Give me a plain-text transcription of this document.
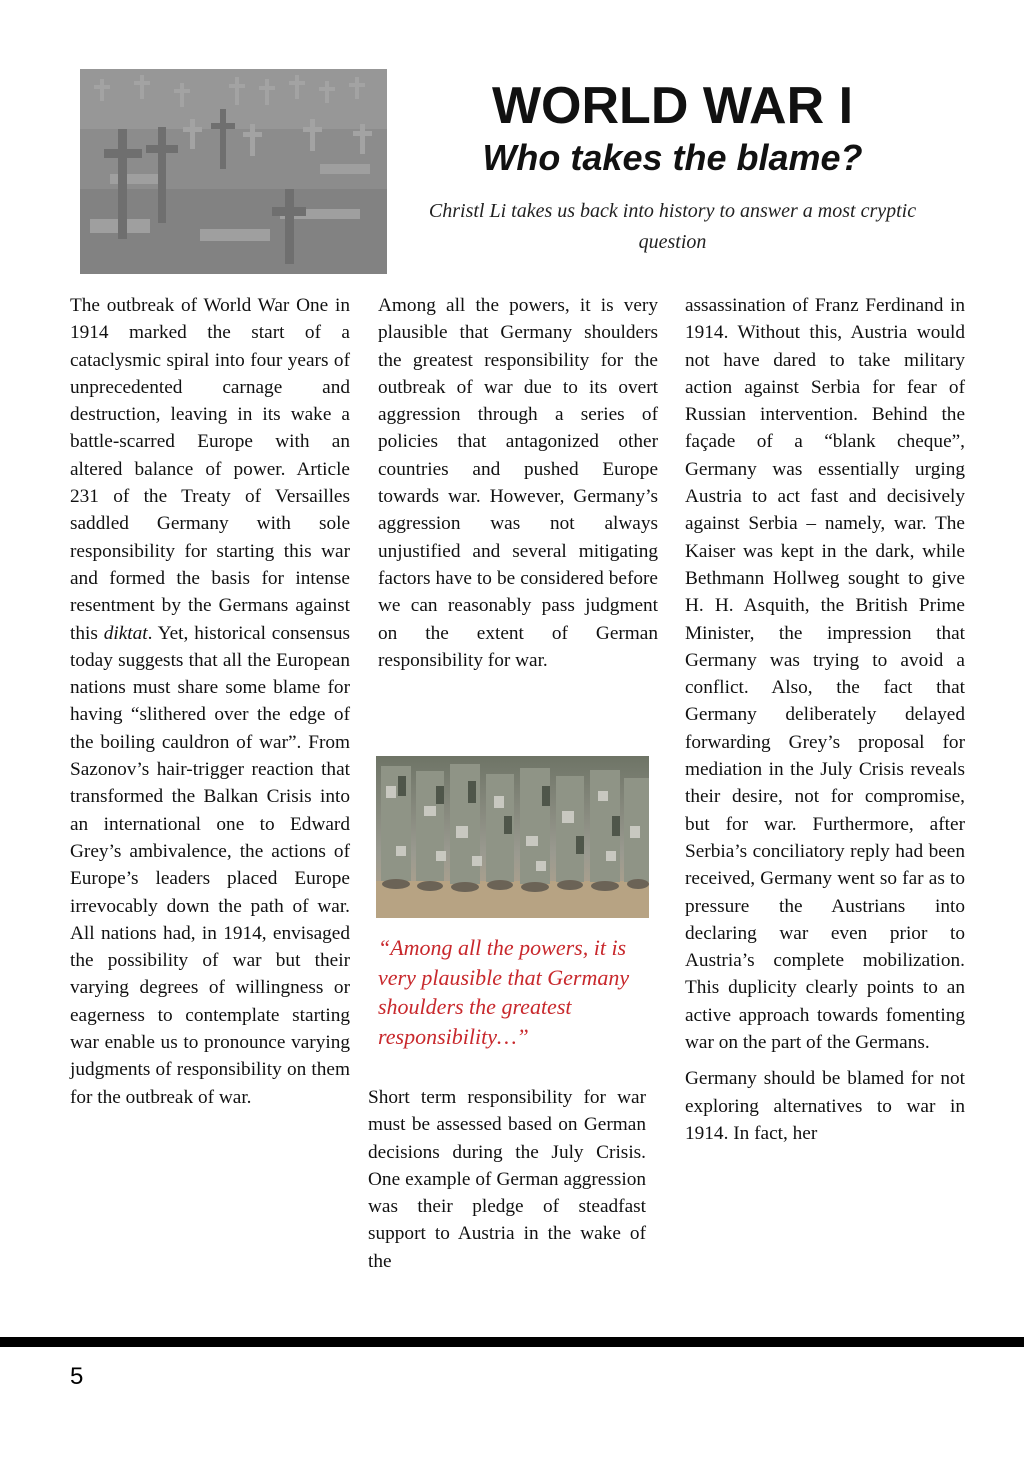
WORLD WAR I
Who takes the blame?

Christl Li takes us back into history to answer a most cryptic question

The outbreak of World War One in 1914 marked the start of a cataclysmic spiral into four years of unprecedented carnage and destruction, leaving in its wake a battle-scarred Europe with an altered balance of power. Article 231 of the Treaty of Versailles saddled Germany with sole responsibility for starting this war and formed the basis for intense resentment by the Germans against this diktat. Yet, historical consensus today suggests that all the European nations must share some blame for having “slithered over the edge of the boiling cauldron of war”. From Sazonov’s hair-trigger reaction that transformed the Balkan Crisis into an international one to Edward Grey’s ambivalence, the actions of Europe’s leaders placed Europe irrevocably down the path of war. All nations had, in 1914, envisaged the possibility of war but their varying degrees of willingness or eagerness to contemplate starting war enable us to pronounce varying judgments of responsibility on them for the outbreak of war.

Among all the powers, it is very plausible that Germany shoulders the greatest responsibility for the outbreak of war due to its overt aggression through a series of policies that antagonized other countries and pushed Europe towards war. However, Germany’s aggression was not always unjustified and several mitigating factors have to be considered before we can reasonably pass judgment on the extent of German responsibility for war.

“Among all the powers, it is very plausible that Germany shoulders the greatest responsibility…”

Short term responsibility for war must be assessed based on German decisions during the July Crisis. One example of German aggression was their pledge of steadfast support to Austria in the wake of the

assassination of Franz Ferdinand in 1914. Without this, Austria would not have dared to take military action against Serbia for fear of Russian intervention. Behind the façade of a “blank cheque”, Germany was essentially urging Austria to act fast and decisively against Serbia – namely, war. The Kaiser was kept in the dark, while Bethmann Hollweg sought to give H. H. Asquith, the British Prime Minister, the impression that Germany was trying to avoid a conflict. Also, the fact that Germany deliberately delayed forwarding Grey’s proposal for mediation in the July Crisis reveals their desire, not for compromise, but for war. Furthermore, after Serbia’s conciliatory reply had been received, Germany went so far as to pressure the Austrians into declaring war even prior to Austria’s complete mobilization. This duplicity clearly points to an active approach towards fomenting war on the part of the Germans.

Germany should be blamed for not exploring alternatives to war in 1914. In fact, her

5
